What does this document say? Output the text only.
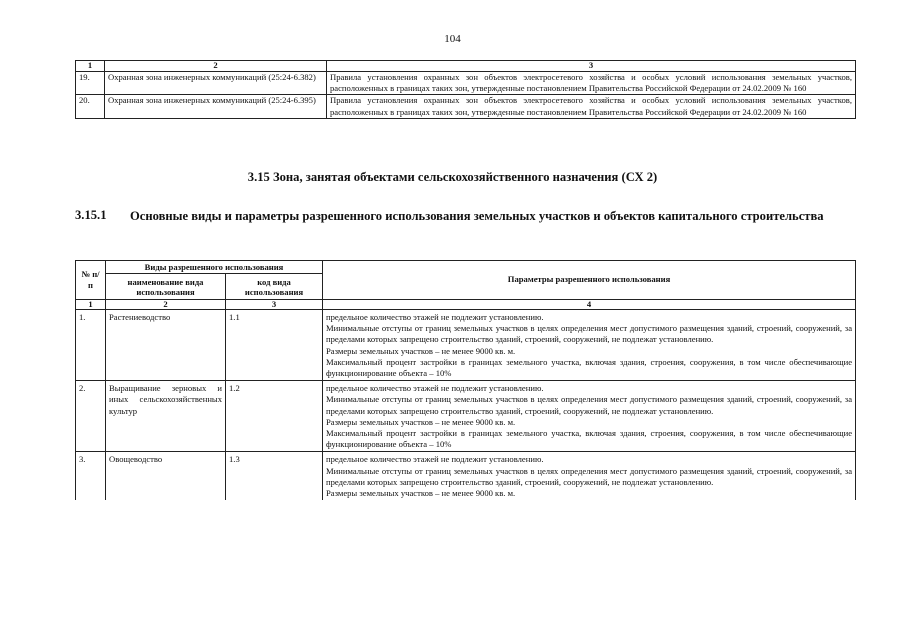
104
1	2	3
19.	Охранная зона инженерных коммуникаций (25:24-6.382)	Правила установления охранных зон объектов электросетевого хозяйства и особых условий использования земельных участков, расположенных в границах таких зон, утвержденные постановлением Правительства Российской Федерации от 24.02.2009 № 160
20.	Охранная зона инженерных коммуникаций (25:24-6.395)	Правила установления охранных зон объектов электросетевого хозяйства и особых условий использования земельных участков, расположенных в границах таких зон, утвержденные постановлением Правительства Российской Федерации от 24.02.2009 № 160
3.15 Зона, занятая объектами сельскохозяйственного назначения (СХ 2)
3.15.1 Основные виды и параметры разрешенного использования земельных участков и объектов капитального строительства
№ п/п	Виды разрешенного использования		Параметры разрешенного использования
	наименование вида использования	код вида использования	
1	2	3	4
1.	Растениеводство	1.1	предельное количество этажей не подлежит установлению.
Минимальные отступы от границ земельных участков в целях определения мест допустимого размещения зданий, строений, сооружений, за пределами которых запрещено строительство зданий, строений, сооружений, не подлежат установлению.
Размеры земельных участков – не менее 9000 кв. м.
Максимальный процент застройки в границах земельного участка, включая здания, строения, сооружения, в том числе обеспечивающие функционирование объекта – 10%

2.	Выращивание зерновых и иных сельскохозяйственных культур	1.2	предельное количество этажей не подлежит установлению.
Минимальные отступы от границ земельных участков в целях определения мест допустимого размещения зданий, строений, сооружений, за пределами которых запрещено строительство зданий, строений, сооружений, не подлежат установлению.
Размеры земельных участков – не менее 9000 кв. м.
Максимальный процент застройки в границах земельного участка, включая здания, строения, сооружения, в том числе обеспечивающие функционирование объекта – 10%

3.	Овощеводство	1.3	предельное количество этажей не подлежит установлению.
Минимальные отступы от границ земельных участков в целях определения мест допустимого размещения зданий, строений, сооружений, за пределами которых запрещено строительство зданий, строений, сооружений, не подлежат установлению.
Размеры земельных участков – не менее 9000 кв. м.
